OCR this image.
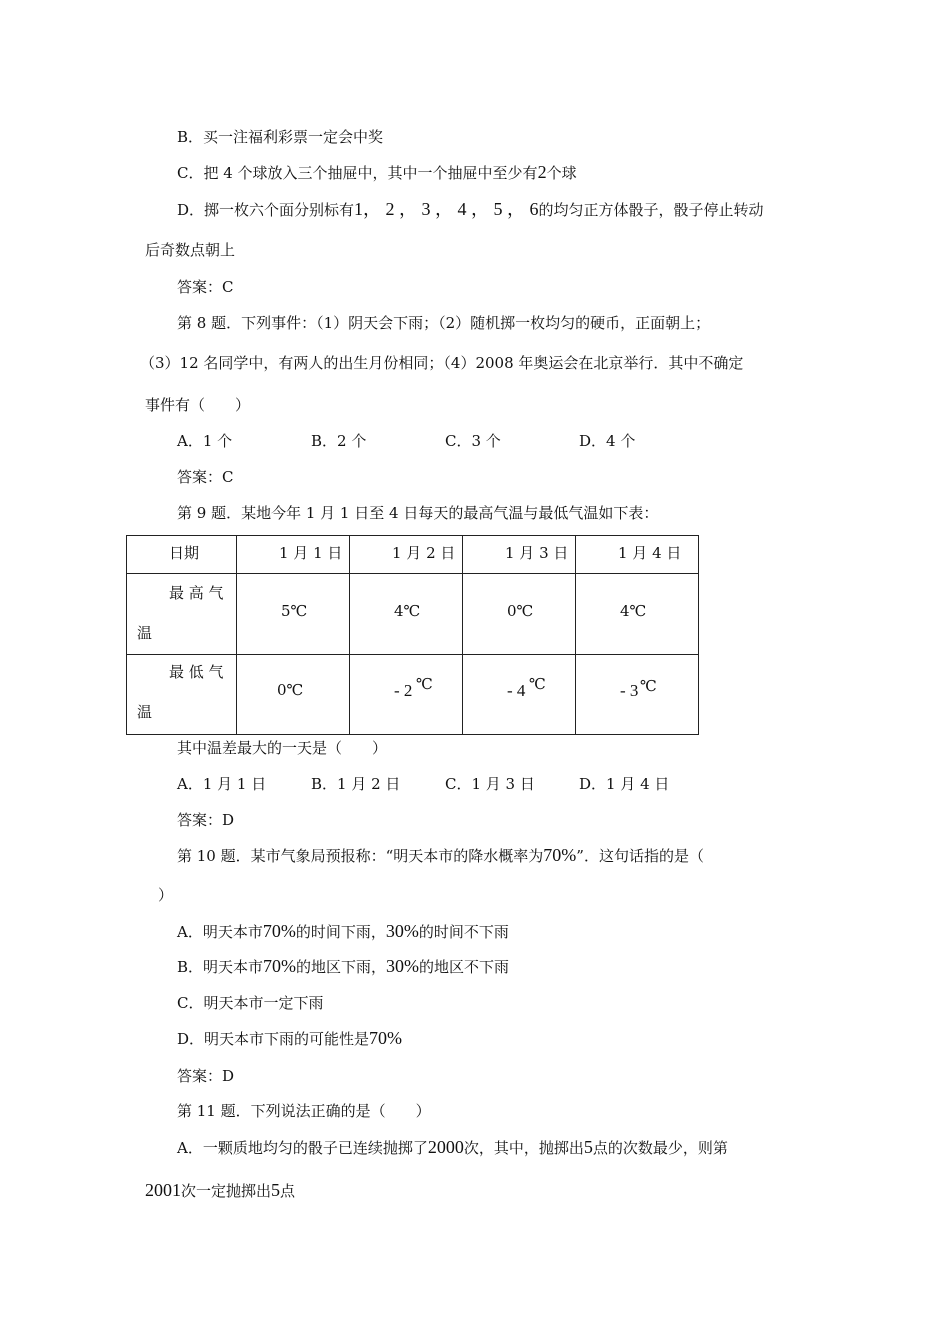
B．买一注福利彩票一定会中奖
C．把 4 个球放入三个抽屉中，其中一个抽屉中至少有2个球
D．掷一枚六个面分别标有1， 2 ， 3 ， 4 ， 5 ， 6的均匀正方体骰子，骰子停止转动
后奇数点朝上
答案：C
第 8 题．下列事件：（1）阴天会下雨；（2）随机掷一枚均匀的硬币，正面朝上；
（3）12 名同学中，有两人的出生月份相同；（4）2008 年奥运会在北京举行．其中不确定
事件有（　　）
A．1 个	B．2 个	C．3 个	D．4 个
答案：C
第 9 题．某地今年 1 月 1 日至 4 日每天的最高气温与最低气温如下表：
日期	1 月 1 日	1 月 2 日	1 月 3 日	1 月 4 日

最 高 气
温	5℃	4℃	0℃	4℃

最 低 气
温	0℃	- 2 ℃	- 4 ℃	- 3 ℃
其中温差最大的一天是（　　）
A．1 月 1 日	B．1 月 2 日	C．1 月 3 日	D．1 月 4 日
答案：D
第 10 题．某市气象局预报称：“明天本市的降水概率为70%”．这句话指的是（
）
A．明天本市70%的时间下雨，30%的时间不下雨
B．明天本市70%的地区下雨，30%的地区不下雨
C．明天本市一定下雨
D．明天本市下雨的可能性是70%
答案：D
第 11 题．下列说法正确的是（　　）
A．一颗质地均匀的骰子已连续抛掷了2000次，其中，抛掷出5点的次数最少，则第
2001次一定抛掷出5点
